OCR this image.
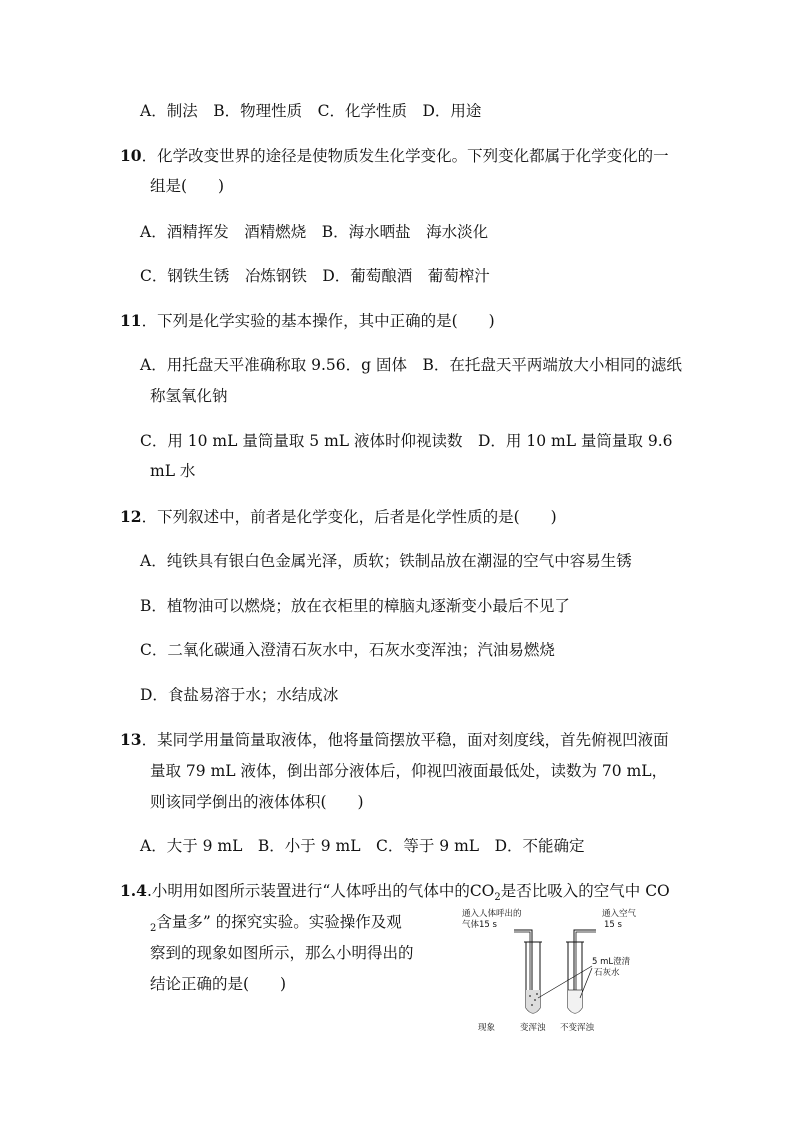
A．制法　B．物理性质　C．化学性质　D．用途
10．化学改变世界的途径是使物质发生化学变化。下列变化都属于化学变化的一
组是(　　)
A．酒精挥发　酒精燃烧　B．海水晒盐　海水淡化
C．钢铁生锈　冶炼钢铁　D．葡萄酿酒　葡萄榨汁
11．下列是化学实验的基本操作，其中正确的是(　　)
A．用托盘天平准确称取 9.56．g 固体　B．在托盘天平两端放大小相同的滤纸
称氢氧化钠
C．用 10 mL 量筒量取 5 mL 液体时仰视读数　D．用 10 mL 量筒量取 9.6
mL 水
12．下列叙述中，前者是化学变化，后者是化学性质的是(　　)
A．纯铁具有银白色金属光泽，质软；铁制品放在潮湿的空气中容易生锈
B．植物油可以燃烧；放在衣柜里的樟脑丸逐渐变小最后不见了
C．二氧化碳通入澄清石灰水中，石灰水变浑浊；汽油易燃烧
D．食盐易溶于水；水结成冰
13．某同学用量筒量取液体，他将量筒摆放平稳，面对刻度线，首先俯视凹液面
量取 79 mL 液体，倒出部分液体后，仰视凹液面最低处，读数为 70 mL，
则该同学倒出的液体体积(　　)
A．大于 9 mL　B．小于 9 mL　C．等于 9 mL　D．不能确定
1.4.小明用如图所示装置进行“人体呼出的气体中的$CO_2$是否比吸入的空气中 CO
$_2$含量多” 的探究实验。实验操作及观
察到的现象如图所示，那么小明得出的
结论正确的是(　　)
通入人体呼出的
气体15 s
通入空气
15 s
5 mL澄清
石灰水
现象	变浑浊 不变浑浊
